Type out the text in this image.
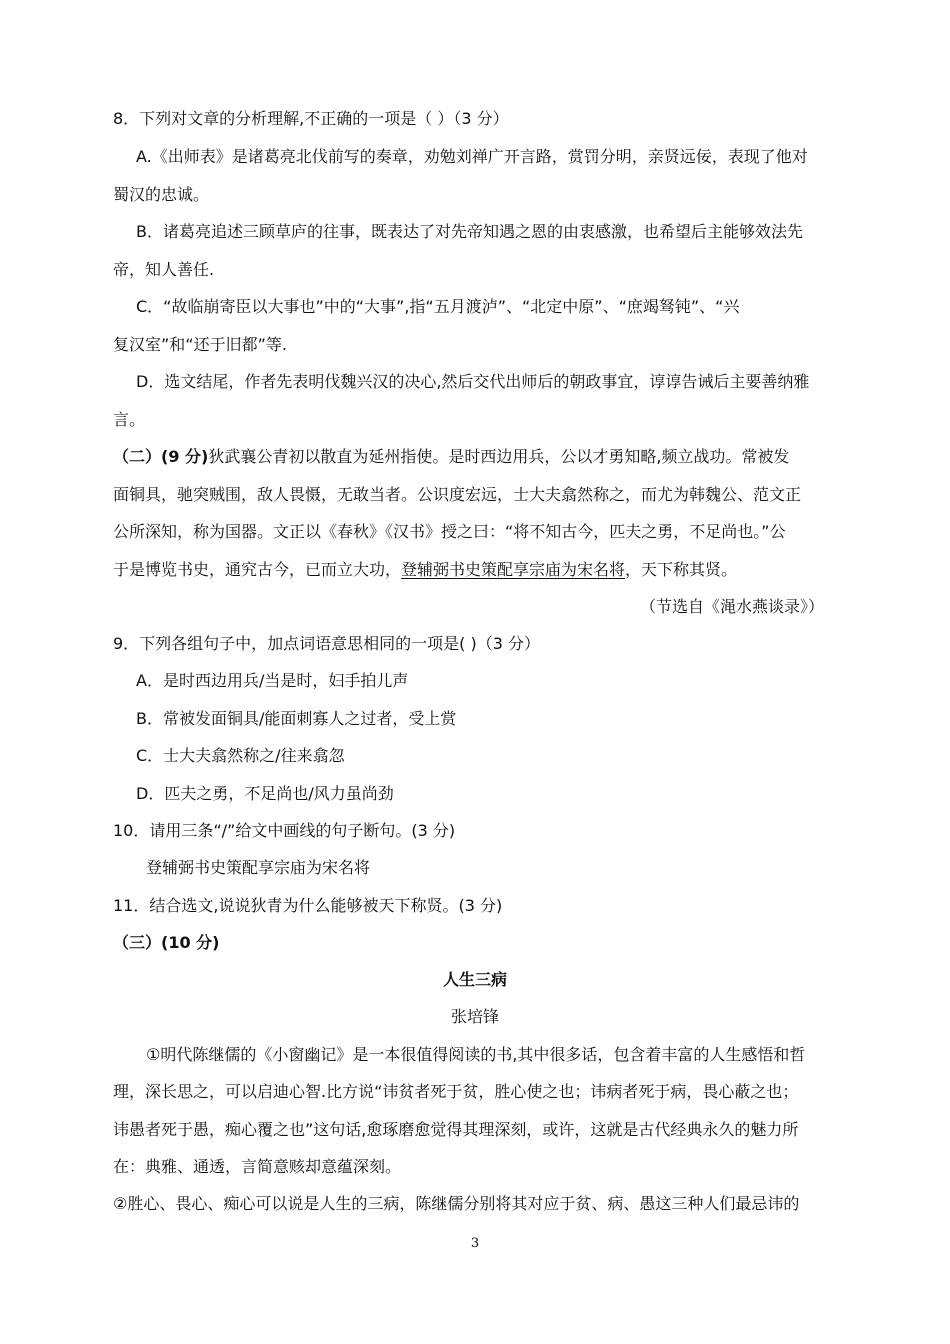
8．下列对文章的分析理解,不正确的一项是（ ）（3 分）
A.《出师表》是诸葛亮北伐前写的奏章，劝勉刘禅广开言路，赏罚分明，亲贤远佞，表现了他对
蜀汉的忠诚。
B．诸葛亮追述三顾草庐的往事，既表达了对先帝知遇之恩的由衷感激，也希望后主能够效法先
帝，知人善任.
C．“故临崩寄臣以大事也”中的“大事”,指“五月渡泸”、“北定中原”、“庶竭驽钝”、“兴
复汉室”和“还于旧都”等.
D．选文结尾，作者先表明伐魏兴汉的决心,然后交代出师后的朝政事宜，谆谆告诫后主要善纳雅
言。
（二）(9 分)狄武襄公青初以散直为延州指使。是时西边用兵，公以才勇知略,频立战功。常被发
面铜具，驰突贼围，敌人畏慑，无敢当者。公识度宏远，士大夫翕然称之，而尤为韩魏公、范文正
公所深知，称为国器。文正以《春秋》《汉书》授之曰：“将不知古今，匹夫之勇，不足尚也。”公
于是博览书史，通究古今，已而立大功，登辅弼书史策配享宗庙为宋名将，天下称其贤。
（节选自《渑水燕谈录》）
9．下列各组句子中，加点词语意思相同的一项是( )（3 分）
A．是时西边用兵/当是时，妇手拍儿声
B．常被发面铜具/能面刺寡人之过者，受上赏
C．士大夫翕然称之/往来翕忽
D．匹夫之勇，不足尚也/风力虽尚劲
10．请用三条“/”给文中画线的句子断句。(3 分)
登辅弼书史策配享宗庙为宋名将
11．结合选文,说说狄青为什么能够被天下称贤。(3 分)
（三）(10 分)
人生三病
张培锋
①明代陈继儒的《小窗幽记》是一本很值得阅读的书,其中很多话，包含着丰富的人生感悟和哲
理，深长思之，可以启迪心智.比方说“讳贫者死于贫，胜心使之也；讳病者死于病，畏心蔽之也；
讳愚者死于愚，痴心覆之也”这句话,愈琢磨愈觉得其理深刻，或许，这就是古代经典永久的魅力所
在：典雅、通透，言简意赅却意蕴深刻。
②胜心、畏心、痴心可以说是人生的三病，陈继儒分别将其对应于贫、病、愚这三种人们最忌讳的
3
